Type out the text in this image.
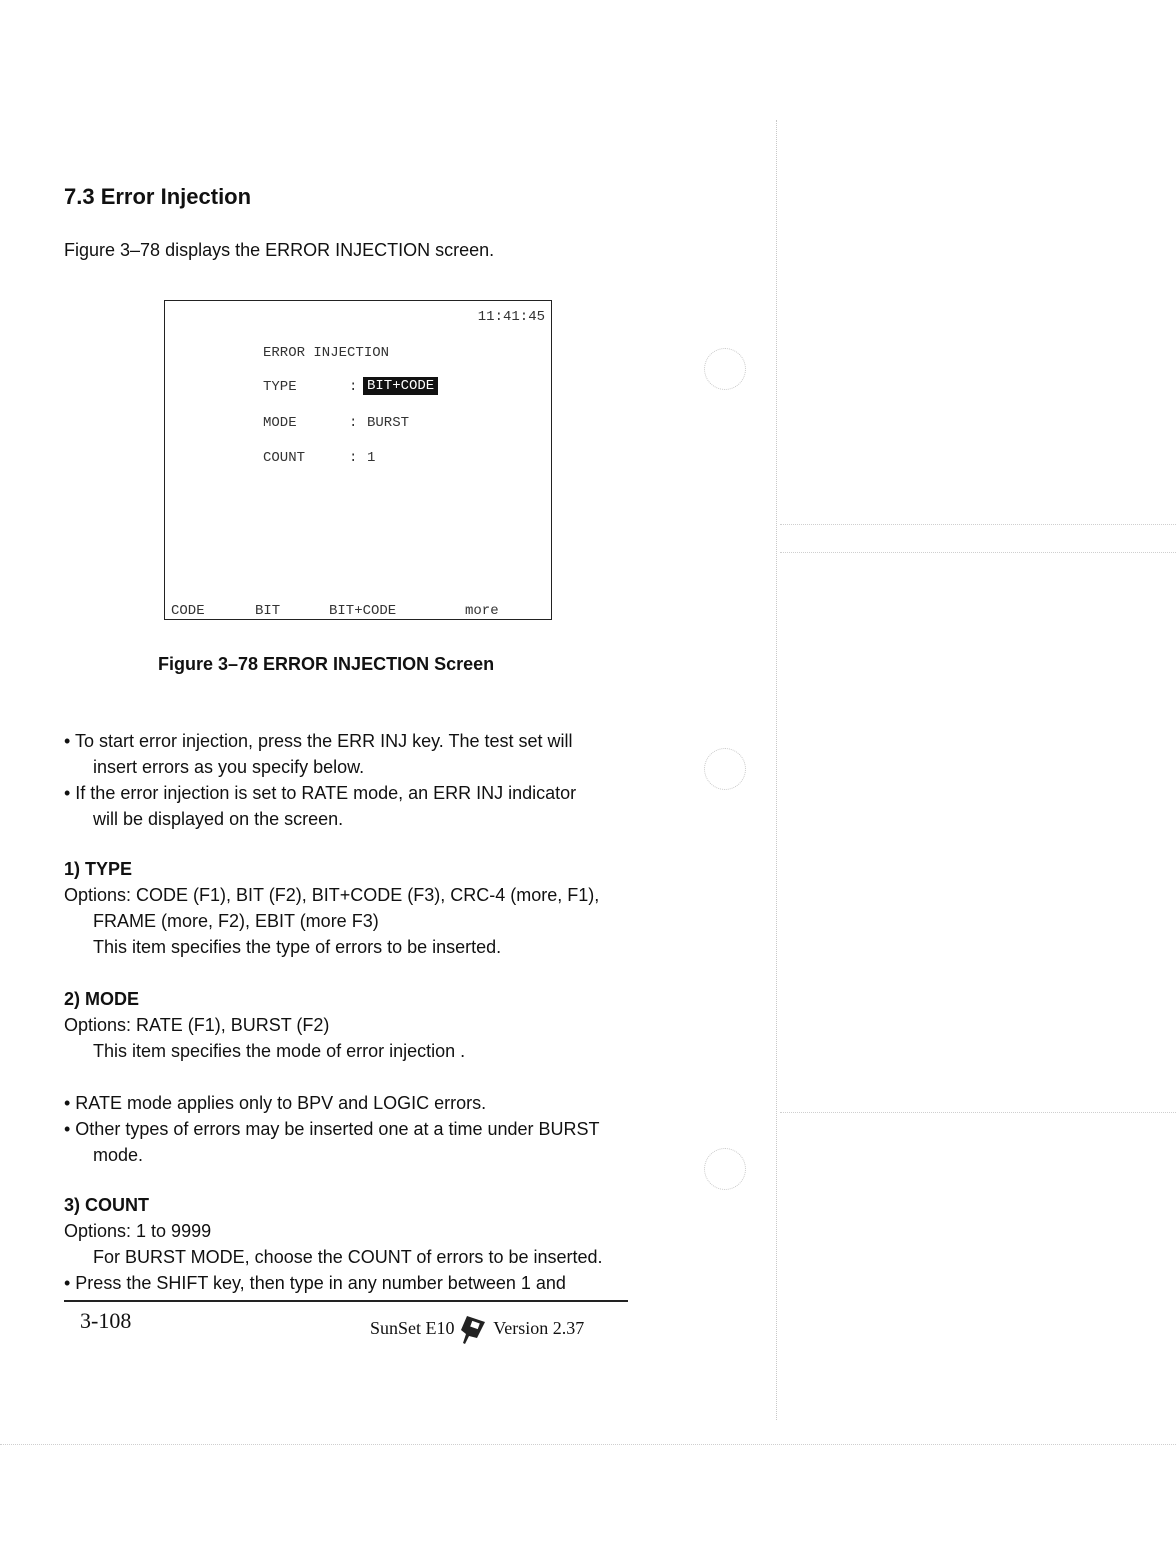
7.3 Error Injection
Figure 3–78 displays the ERROR INJECTION screen.
11:41:45
ERROR INJECTION
TYPE	: BIT+CODE
MODE	: BURST
COUNT	: 1
CODE	BIT	BIT+CODE	more
Figure 3–78 ERROR INJECTION Screen
• To start error injection, press the ERR INJ key. The test set will
insert errors as you specify below.
• If the error injection is set to RATE mode, an ERR INJ indicator
will be displayed on the screen.
1) TYPE
Options: CODE (F1), BIT (F2), BIT+CODE (F3), CRC-4 (more, F1),
FRAME (more, F2), EBIT (more F3)
This item specifies the type of errors to be inserted.
2) MODE
Options: RATE (F1), BURST (F2)
This item specifies the mode of error injection .
• RATE mode applies only to BPV and LOGIC errors.
• Other types of errors may be inserted one at a time under BURST
mode.
3) COUNT
Options: 1 to 9999
For BURST MODE, choose the COUNT of errors to be inserted.
• Press the SHIFT key, then type in any number between 1 and
3-108	SunSet E10 Version 2.37
